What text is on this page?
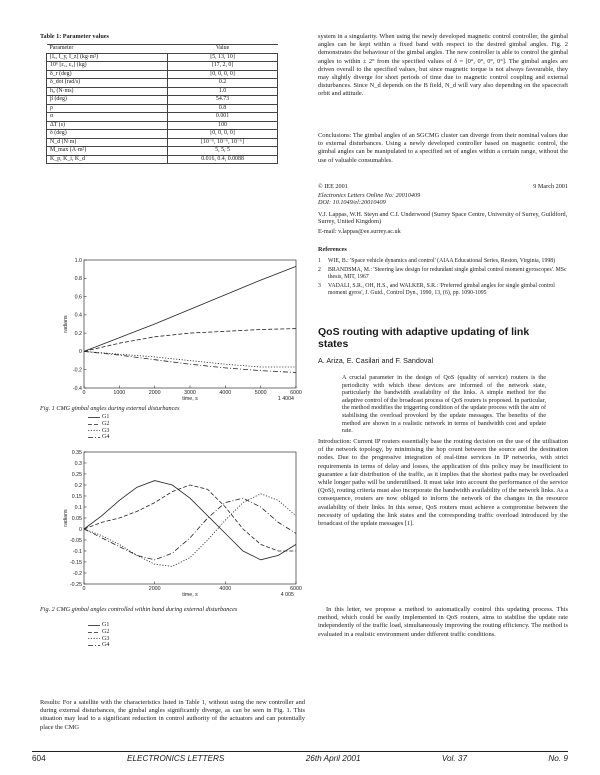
Table 1: Parameter values
Parameter	Value
[Iₓ, I_y, I_z] (kg·m²)	[5, 13, 10]
10⁶ [ε₁, ε₂] (kg)	[17, 2, 0]
δ_r (deg)	[0, 0, 0, 0]
δ_dot (rad/s)	0.2
h₀ (N·ms)	1.0
β (deg)	54.73
ρ	0.8
α	0.001
ΔT (s)	100
δ (deg)	[0, 0, 0, 0]
N_d (N·m)	[10⁻⁶, 10⁻⁶, 10⁻⁶]
M_max (A·m²)	5, 5, 5
K_p, K_i, K_d	0.016, 0.4, 0.0088
0	1000	2000	3000	4000	5000	6000
-0.4
-0.2
0
0.2
0.4
0.6
0.8
1.0
radians
time, s	1 4004
Fig. 1 CMG gimbal angles during external disturbances
G1
G2
G3
G4
0	2000	4000	6000
-0.25
-0.2
-0.15
-0.1
-0.05
0
0.05
0.1
0.15
0.2
0.25
0.3
0.35
radians
time, s	4 005
Fig. 2 CMG gimbal angles controlled within band during external disturbances
G1
G2
G3
G4
Results: For a satellite with the characteristics listed in Table 1, without using the new controller and during external disturbances, the gimbal angles significantly diverge, as can be seen in Fig. 1. This situation may lead to a significant reduction in control authority of the actuators and can potentially place the CMG
system in a singularity. When using the newly developed magnetic control controller, the gimbal angles can be kept within a fixed band with respect to the desired gimbal angles. Fig. 2 demonstrates the behaviour of the gimbal angles. The new controller is able to control the gimbal angles to within ± 2° from the specified values of δ = [0°, 0°, 0°, 0°]. The gimbal angles are driven overall to the specified values, but since magnetic torque is not always favourable, they may slightly diverge for short periods of time due to magnetic control coupling and external disturbances. Since N_d depends on the B field, N_d will vary also depending on the spacecraft orbit and attitude.
Conclusions: The gimbal angles of an SGCMG cluster can diverge from their nominal values due to external disturbances. Using a newly developed controller based on magnetic control, the gimbal angles can be manipulated to a specified set of angles within a certain range, without the use of valuable consumables.
© IEE 2001	9 March 2001
Electronics Letters Online No: 20010409
DOI: 10.1049/el:20010409
V.J. Lappas, W.H. Steyn and C.I. Underwood (Surrey Space Centre, University of Surrey, Guildford, Surrey, United Kingdom)
E-mail: v.lappas@ee.surrey.ac.uk
References
1	WIE, B.: 'Space vehicle dynamics and control' (AIAA Educational Series, Reston, Virginia, 1998)
2	BRANDSMA, M.: 'Steering law design for redundant single gimbal control moment gyroscopes'. MSc thesis, MIT, 1967
3	VADALI, S.R., OH, H.S., and WALKER, S.R.: 'Preferred gimbal angles for single gimbal control moment gyros', J. Guid., Control Dyn., 1990, 13, (6), pp. 1090-1095
QoS routing with adaptive updating of link states
A. Ariza, E. Casilari and F. Sandoval
A crucial parameter in the design of QoS (quality of service) routers is the periodicity with which these devices are informed of the network state, particularly the bandwidth availability of the links. A simple method for the adaptive control of the broadcast process of QoS routers is proposed. In particular, the method modifies the triggering condition of the update process with the aim of stabilising the overload provoked by the update messages. The benefits of the method are shown in a realistic network in terms of bandwidth cost and update rate.
Introduction: Current IP routers essentially base the routing decision on the use of the utilisation of the network topology, by minimising the hop count between the source and the destination nodes. Due to the progressive integration of real-time services in IP networks, with strict requirements in terms of delay and losses, the application of this policy may be insufficient to guarantee a fair distribution of the traffic, as it implies that the shortest paths may be overloaded while longer paths will be underutilised. It must take into account the performance of the service (QoS), routing criteria must also incorporate the bandwidth availability of the network links. As a consequence, routers are now obliged to inform the network of the changes in the resource availability of their links. In this sense, QoS routers must achieve a compromise between the necessity of updating the link states and the corresponding traffic overload introduced by the broadcast of the update messages [1].
In this letter, we propose a method to automatically control this updating process. This method, which could be easily implemented in QoS routers, aims to stabilise the update rate independently of the traffic load, simultaneously improving the routing efficiency. The method is evaluated in a realistic environment under different traffic conditions.
604	ELECTRONICS LETTERS	26th April 2001	Vol. 37	No. 9
